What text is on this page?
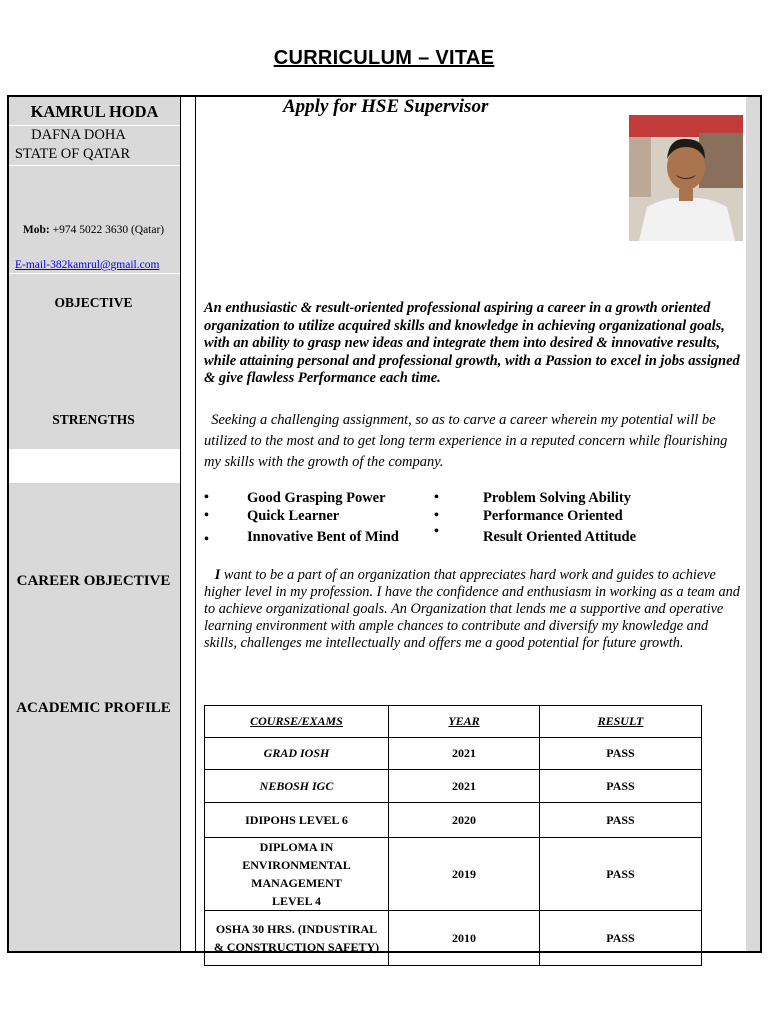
CURRICULUM – VITAE
KAMRUL HODA
DAFNA DOHA
STATE OF QATAR
Mob: +974 5022 3630 (Qatar)
E-mail-382kamrul@gmail.com
OBJECTIVE
STRENGTHS
CAREER OBJECTIVE
ACADEMIC PROFILE
Apply for HSE Supervisor
An enthusiastic & result-oriented professional aspiring a career in a growth oriented organization to utilize acquired skills and knowledge in achieving organizational goals, with an ability to grasp new ideas and integrate them into desired & innovative results, while attaining personal and professional growth, with a Passion to excel in jobs assigned & give flawless Performance each time.
Seeking a challenging assignment, so as to carve a career wherein my potential will be utilized to the most and to get long term experience in a reputed concern while flourishing my skills with the growth of the company.
•	Good Grasping Power	•	Problem Solving Ability
•	Quick Learner	•	Performance Oriented
•	Innovative Bent of Mind	•	Result Oriented Attitude
I want to be a part of an organization that appreciates hard work and guides to achieve higher level in my profession. I have the confidence and enthusiasm in working as a team and to achieve organizational goals. An Organization that lends me a supportive and operative learning environment with ample chances to contribute and diversify my knowledge and skills, challenges me intellectually and offers me a good potential for future growth.
COURSE/EXAMS	YEAR	RESULT
GRAD IOSH	2021	PASS
NEBOSH IGC	2021	PASS
IDIPOHS LEVEL 6	2020	PASS
DIPLOMA IN ENVIRONMENTAL MANAGEMENT LEVEL 4	2019	PASS
OSHA 30 HRS. (INDUSTIRAL & CONSTRUCTION SAFETY)	2010	PASS
